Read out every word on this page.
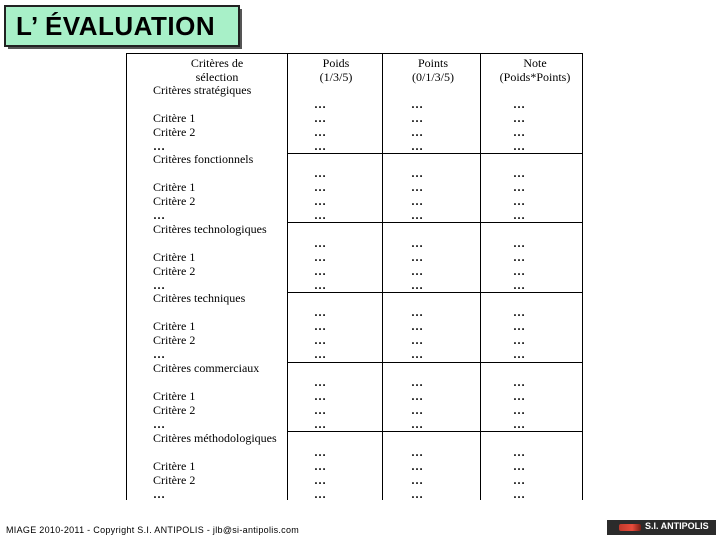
L’ ÉVALUATION
Critères de
sélection
Poids
(1/3/5)
Points
(0/1/3/5)
Note
(Poids*Points)
Critères stratégiques
Critère 1
Critère 2
…
…
…
…
…
…
…
…
…
…
…
…
…
Critères fonctionnels
Critère 1
Critère 2
…
…
…
…
…
…
…
…
…
…
…
…
…
Critères technologiques
Critère 1
Critère 2
…
…
…
…
…
…
…
…
…
…
…
…
…
Critères techniques
Critère 1
Critère 2
…
…
…
…
…
…
…
…
…
…
…
…
…
Critères commerciaux
Critère 1
Critère 2
…
…
…
…
…
…
…
…
…
…
…
…
…
Critères méthodologiques
Critère 1
Critère 2
…
…
…
…
…
…
…
…
…
…
…
…
…
MIAGE 2010-2011 - Copyright S.I. ANTIPOLIS - jlb@si-antipolis.com	S.I. ANTIPOLIS
